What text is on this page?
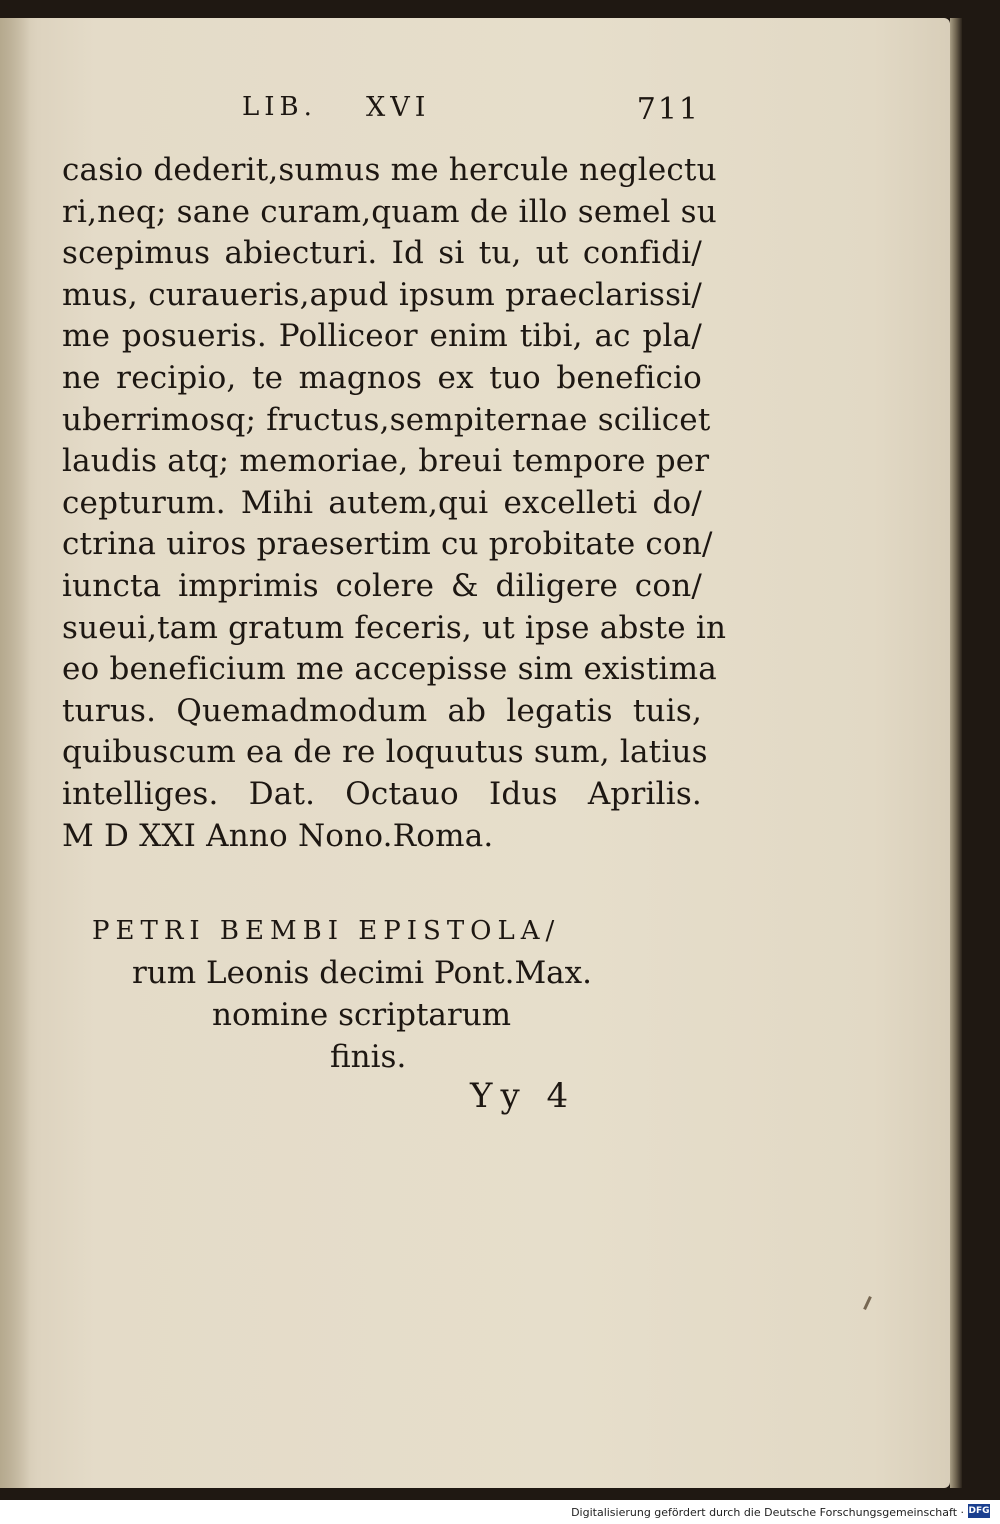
LIB. XVI	711
casio dederit,sumus me hercule neglectu
ri,neq; sane curam,quam de illo semel su
scepimus abiecturi. Id si tu, ut confidi/
mus, curaueris,apud ipsum praeclarissi/
me posueris. Polliceor enim tibi, ac pla/
ne recipio, te magnos ex tuo beneficio
uberrimosq; fructus,sempiternae scilicet
laudis atq; memoriae, breui tempore per
cepturum. Mihi autem,qui excelleti do/
ctrina uiros praesertim cu probitate con/
iuncta imprimis colere & diligere con/
sueui,tam gratum feceris, ut ipse abste in
eo beneficium me accepisse sim existima
turus. Quemadmodum ab legatis tuis,
quibuscum ea de re loquutus sum, latius
intelliges. Dat. Octauo Idus Aprilis.
M D XXI Anno Nono.Roma.
PETRI BEMBI EPISTOLA/
rum Leonis decimi Pont.Max.
nomine scriptarum
finis.
Yy 4
Digitalisierung gefördert durch die Deutsche Forschungsgemeinschaft · DFG
